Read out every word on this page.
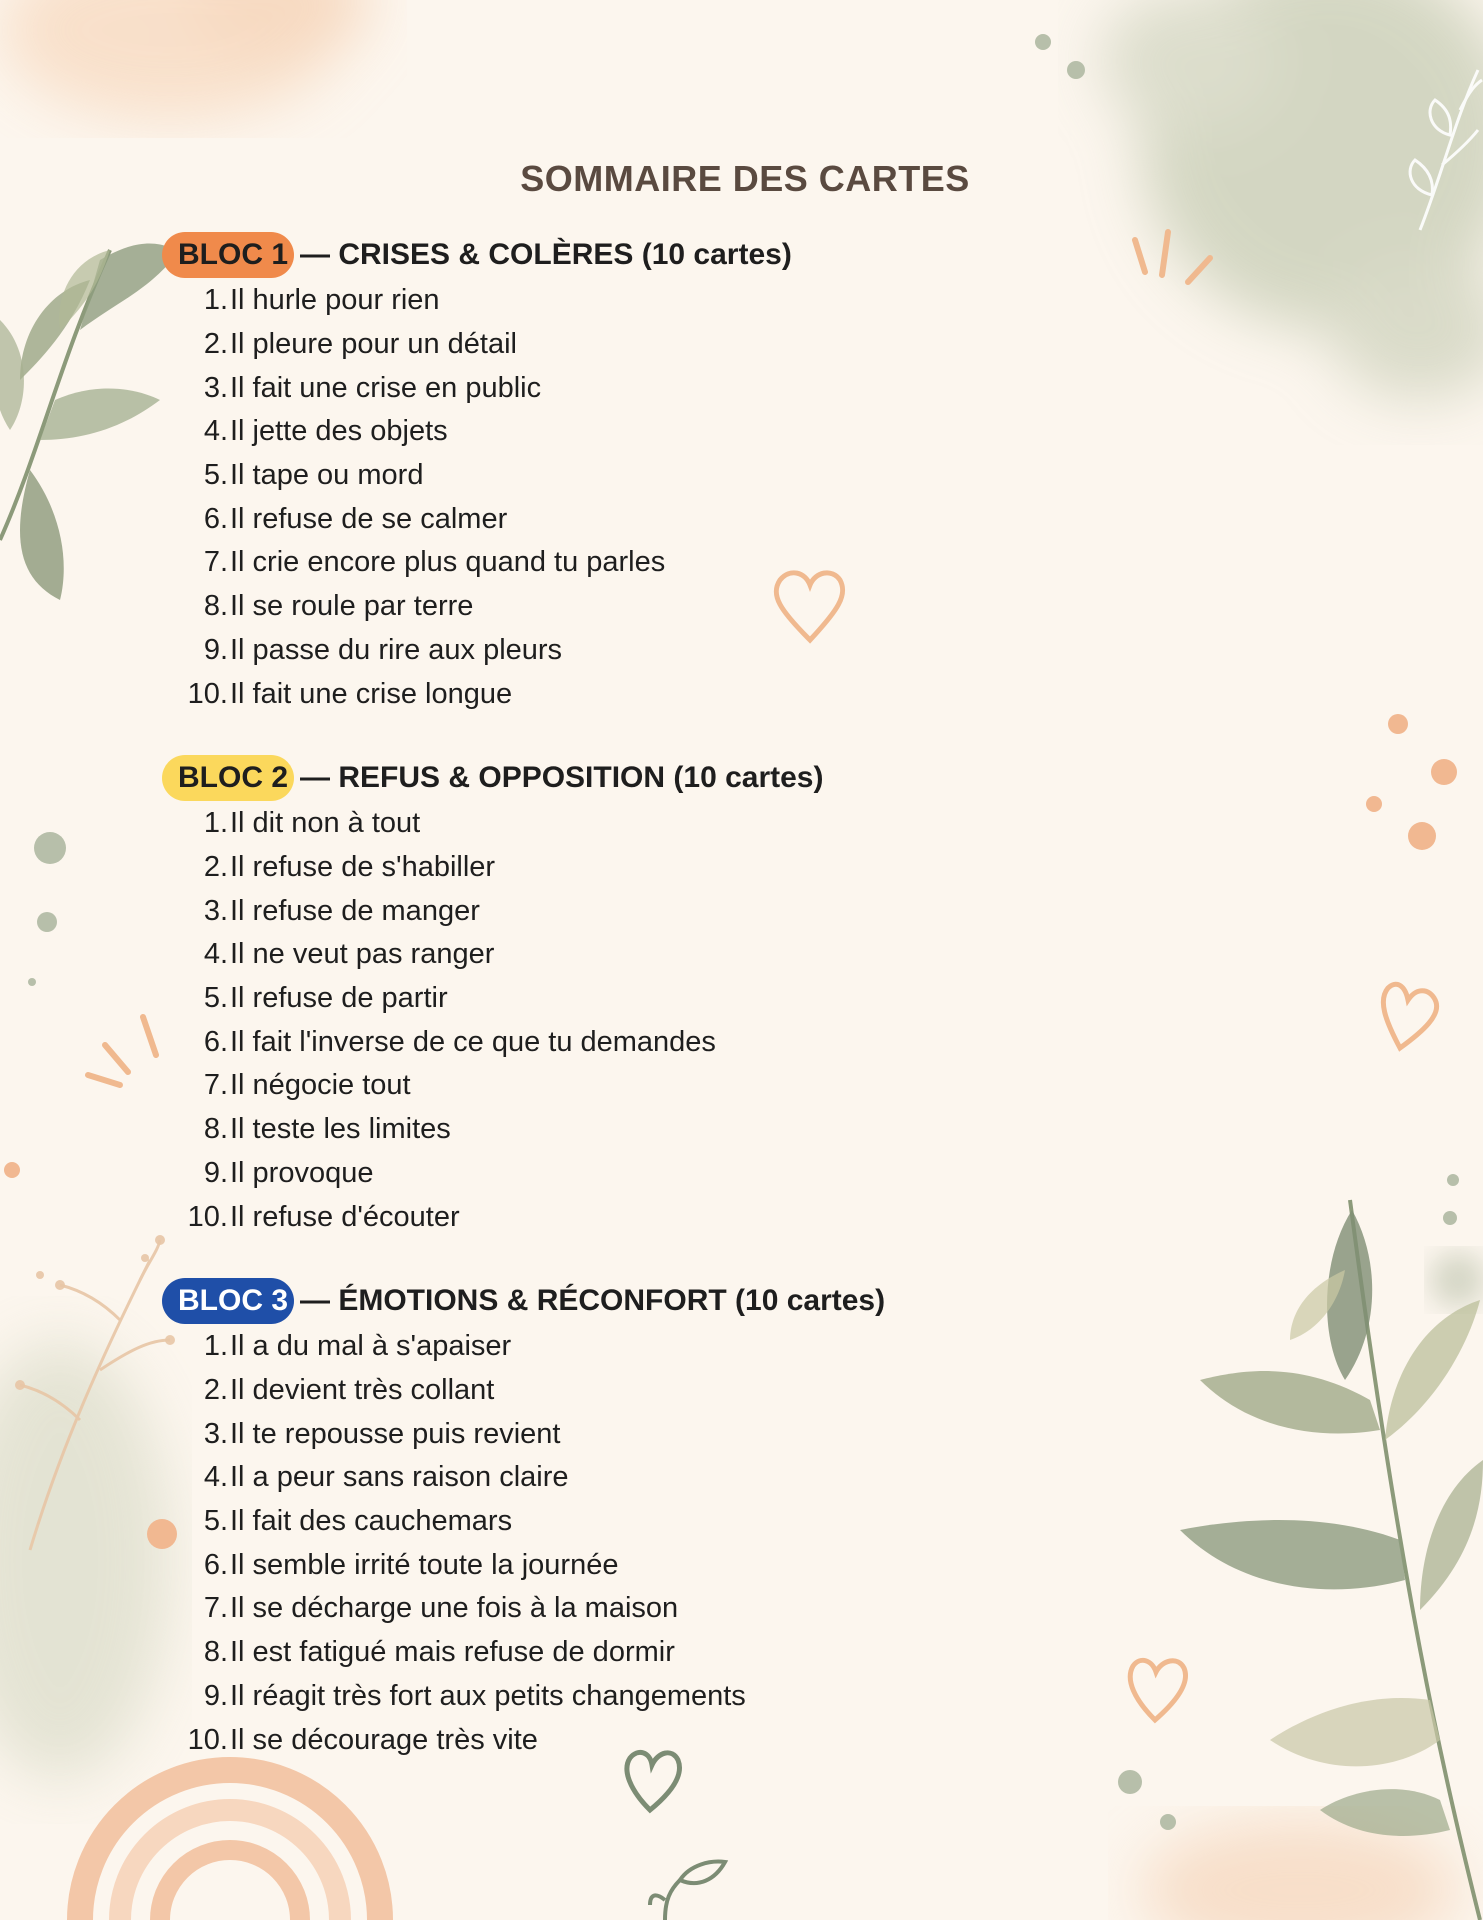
SOMMAIRE DES CARTES
BLOC 1 — CRISES & COLÈRES (10 cartes)
1. Il hurle pour rien
2. Il pleure pour un détail
3. Il fait une crise en public
4. Il jette des objets
5. Il tape ou mord
6. Il refuse de se calmer
7. Il crie encore plus quand tu parles
8. Il se roule par terre
9. Il passe du rire aux pleurs
10. Il fait une crise longue
BLOC 2 — REFUS & OPPOSITION (10 cartes)
1. Il dit non à tout
2. Il refuse de s'habiller
3. Il refuse de manger
4. Il ne veut pas ranger
5. Il refuse de partir
6. Il fait l'inverse de ce que tu demandes
7. Il négocie tout
8. Il teste les limites
9. Il provoque
10. Il refuse d'écouter
BLOC 3 — ÉMOTIONS & RÉCONFORT (10 cartes)
1. Il a du mal à s'apaiser
2. Il devient très collant
3. Il te repousse puis revient
4. Il a peur sans raison claire
5. Il fait des cauchemars
6. Il semble irrité toute la journée
7. Il se décharge une fois à la maison
8. Il est fatigué mais refuse de dormir
9. Il réagit très fort aux petits changements
10. Il se décourage très vite
